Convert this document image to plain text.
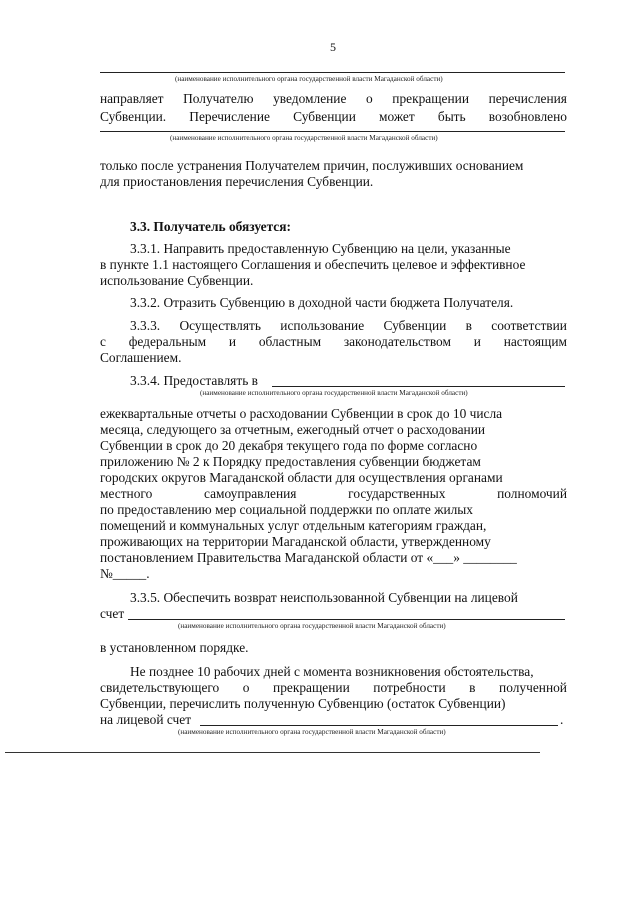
5
(наименование исполнительного органа государственной власти Магаданской области)
направляет Получателю уведомление о прекращении перечисления
Субвенции. Перечисление Субвенции может быть возобновлено
(наименование исполнительного органа государственной власти Магаданской области)
только после устранения Получателем причин, послуживших основанием
для приостановления перечисления Субвенции.
3.3. Получатель обязуется:
3.3.1. Направить предоставленную Субвенцию на цели, указанные
в пункте 1.1 настоящего Соглашения и обеспечить целевое и эффективное
использование Субвенции.
3.3.2. Отразить Субвенцию в доходной части бюджета Получателя.
3.3.3. Осуществлять использование Субвенции в соответствии
с федеральным и областным законодательством и настоящим
Соглашением.
3.3.4. Предоставлять в
(наименование исполнительного органа государственной власти Магаданской области)
ежеквартальные отчеты о расходовании Субвенции в срок до 10 числа
месяца, следующего за отчетным, ежегодный отчет о расходовании
Субвенции в срок до 20 декабря текущего года по форме согласно
приложению № 2 к Порядку предоставления субвенции бюджетам
городских округов Магаданской области для осуществления органами
местного	самоуправления	государственных	полномочий
по предоставлению мер социальной поддержки по оплате жилых
помещений и коммунальных услуг отдельным категориям граждан,
проживающих на территории Магаданской области, утвержденному
постановлением Правительства Магаданской области от «___» ________
№_____.
3.3.5. Обеспечить возврат неиспользованной Субвенции на лицевой
счет
(наименование исполнительного органа государственной власти Магаданской области)
в установленном порядке.
Не позднее 10 рабочих дней с момента возникновения обстоятельства,
свидетельствующего о прекращении потребности в полученной
Субвенции, перечислить полученную Субвенцию (остаток Субвенции)
на лицевой счет	.
(наименование исполнительного органа государственной власти Магаданской области)
